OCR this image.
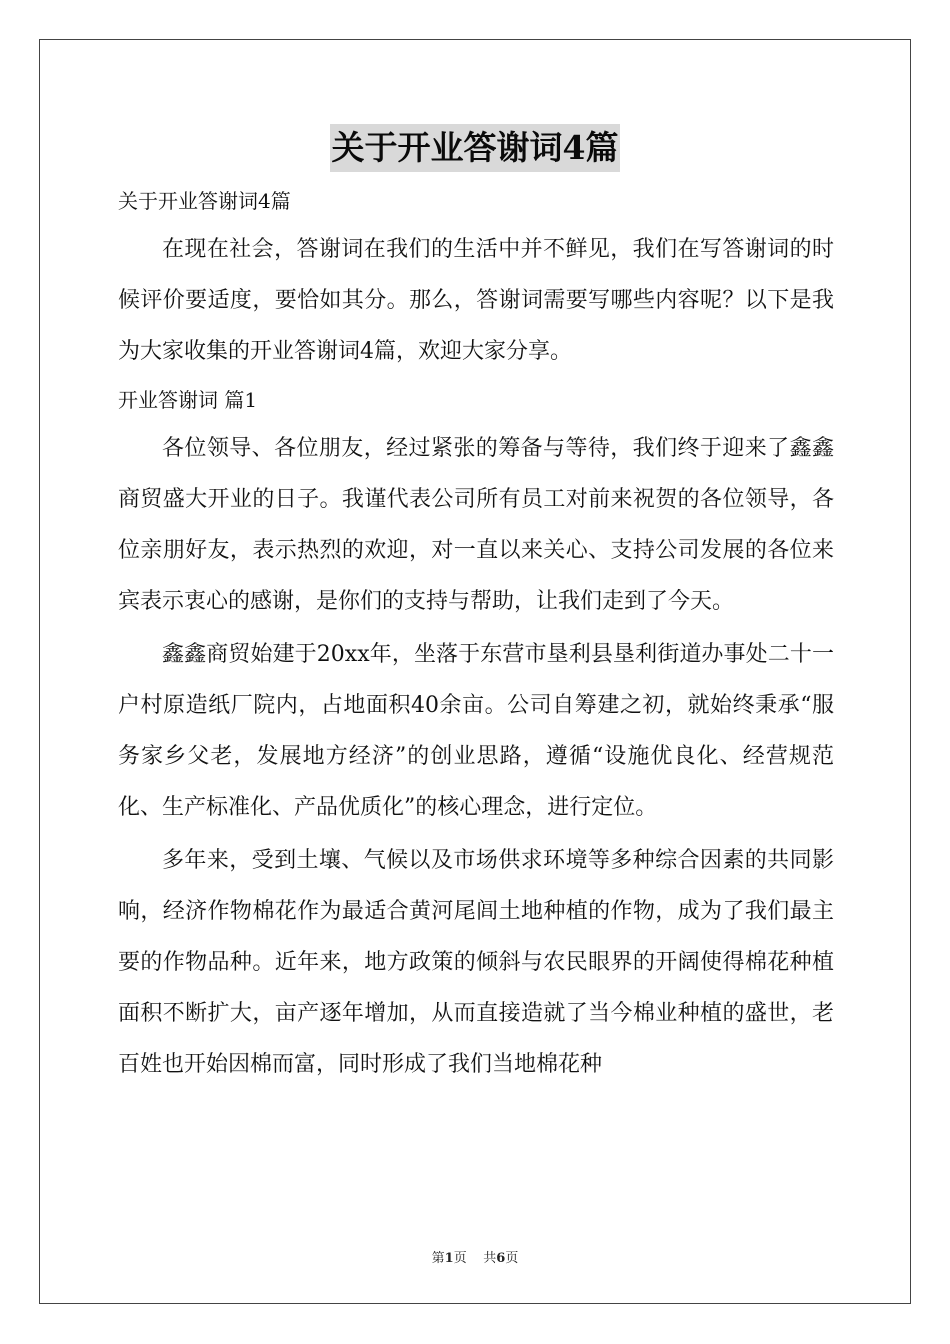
关于开业答谢词4篇

关于开业答谢词4篇

在现在社会，答谢词在我们的生活中并不鲜见，我们在写答谢词的时候评价要适度，要恰如其分。那么，答谢词需要写哪些内容呢？以下是我为大家收集的开业答谢词4篇，欢迎大家分享。

开业答谢词 篇1

各位领导、各位朋友，经过紧张的筹备与等待，我们终于迎来了鑫鑫商贸盛大开业的日子。我谨代表公司所有员工对前来祝贺的各位领导，各位亲朋好友，表示热烈的欢迎，对一直以来关心、支持公司发展的各位来宾表示衷心的感谢，是你们的支持与帮助，让我们走到了今天。

鑫鑫商贸始建于20xx年，坐落于东营市垦利县垦利街道办事处二十一户村原造纸厂院内，占地面积40余亩。公司自筹建之初，就始终秉承“服务家乡父老，发展地方经济”的创业思路，遵循“设施优良化、经营规范化、生产标准化、产品优质化”的核心理念，进行定位。

多年来，受到土壤、气候以及市场供求环境等多种综合因素的共同影响，经济作物棉花作为最适合黄河尾闾土地种植的作物，成为了我们最主要的作物品种。近年来，地方政策的倾斜与农民眼界的开阔使得棉花种植面积不断扩大，亩产逐年增加，从而直接造就了当今棉业种植的盛世，老百姓也开始因棉而富，同时形成了我们当地棉花种

第1页 共6页
